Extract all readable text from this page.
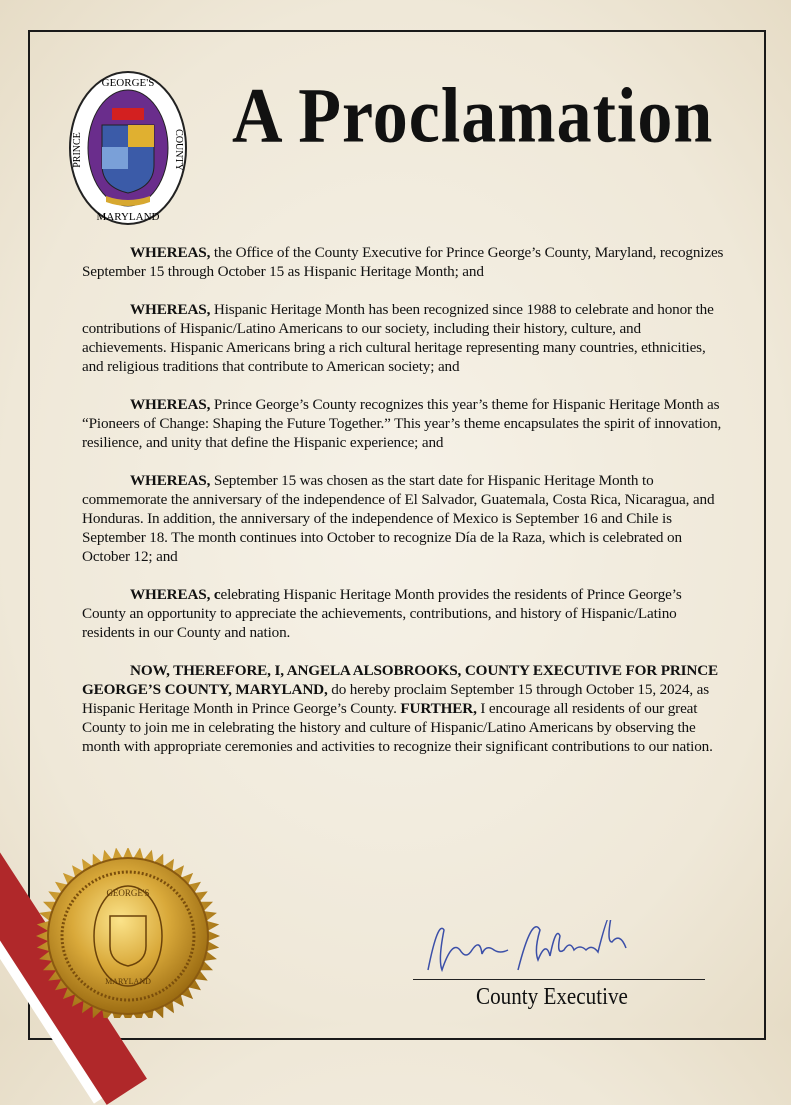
GEORGE'S
MARYLAND
PRINCE	COUNTY A Proclamation

WHEREAS, the Office of the County Executive for Prince George’s County, Maryland, recognizes September 15 through October 15 as Hispanic Heritage Month; and

WHEREAS, Hispanic Heritage Month has been recognized since 1988 to celebrate and honor the contributions of Hispanic/Latino Americans to our society, including their history, culture, and achievements. Hispanic Americans bring a rich cultural heritage representing many countries, ethnicities, and religious traditions that contribute to American society; and

WHEREAS, Prince George’s County recognizes this year’s theme for Hispanic Heritage Month as “Pioneers of Change: Shaping the Future Together.” This year’s theme encapsulates the spirit of innovation, resilience, and unity that define the Hispanic experience; and

WHEREAS, September 15 was chosen as the start date for Hispanic Heritage Month to commemorate the anniversary of the independence of El Salvador, Guatemala, Costa Rica, Nicaragua, and Honduras. In addition, the anniversary of the independence of Mexico is September 16 and Chile is September 18. The month continues into October to recognize Día de la Raza, which is celebrated on October 12; and

WHEREAS, celebrating Hispanic Heritage Month provides the residents of Prince George’s County an opportunity to appreciate the achievements, contributions, and history of Hispanic/Latino residents in our County and nation.

NOW, THEREFORE, I, ANGELA ALSOBROOKS, COUNTY EXECUTIVE FOR PRINCE GEORGE’S COUNTY, MARYLAND, do hereby proclaim September 15 through October 15, 2024, as Hispanic Heritage Month in Prince George’s County. FURTHER, I encourage all residents of our great County to join me in celebrating the history and culture of Hispanic/Latino Americans by observing the month with appropriate ceremonies and activities to recognize their significant contributions to our nation.

GEORGE'S
MARYLAND
County Executive
